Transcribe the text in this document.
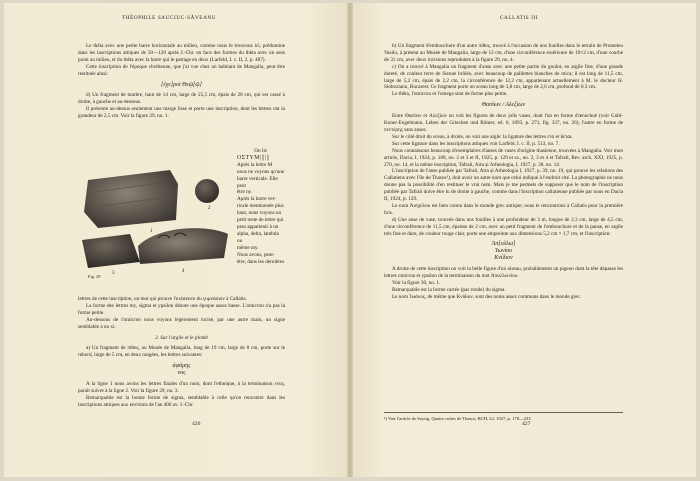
THÉOPHILE SAUCIUC-SĂVEANU

Le thêta avec une petite barre horizontale au milieu, comme nous le trouvons ici, prédomine dans les inscriptions attiques de 50—120 après J.-Chr. en face des formes du thêta avec un sens point au milieu, et du thêta avec la barre qui le partage en deux (Larfeld, I. c. II, 2, p. 487).

Cette inscription de l'époque chrétienne, que j'ai vue chez un habitant de Mangalia, peut être restituée ainsi:

[ἐχε]ροὶ Θεῷ[ῷ]

d) Un fragment de marbre, haut de 14 cm, large de 25,5 cm, épais de 28 cm, qui est cassé à droite, à gauche et au-dessous.

Il présente au-dessus seulement une marge lisse et porte une inscription, dont les lettres ont la grandeur de 2,5 cm. Voir la figure 29, no. 1.

On lit:

ΟΣΤΥΜ||||||

Après la lettre M

nous ne voyons qu'une

barre verticale. Elle peut

être ny.

Après la barre ver-

ticale mentionnée plus

haut, nous voyons un

petit reste de lettre qui

peut appartenir à un

alpha, delta, lambda ou

même my.

Nous avons, peut-

être, dans les dernières

1
2
3	4
Fig. 29

lettres de cette inscription, un mot qui prouve l'existence du γυμνάσιον à Callatis.

La forme des lettres my, sigma et ypsilon dénote une époque assez basse. L'omicron n'a pas la forme petite.

Au-dessous de l'omicron nous voyons légèrement incisé, par une autre main, un signe semblable à un xi.

2. Sur l'argile et le plomb

a) Un fragment de πίθος, au Musée de Mangalia, long de 19 cm, large de 8 cm, porte sur le rebord, large de 5 cm, en deux rangées, les lettres suivantes:

ἀφάμης

νος

A la ligne 1 nous avons les lettres finales d'un nom, dont l'ethnique, à la terminaison ενος, paraît suivre à la ligne 2. Voir la figure 29, no. 3.

Remarquable est la bonne forme de sigma, semblable à celle qu'on rencontre dans les inscriptions attiques aux environs de l'an 400 av. J.-Chr.

426
CALLATIS III

b) Un fragment d'embouchure d'un autre πίθος, trouvé à l'occasion de nos fouilles dans le terrain de Prometeu Vasilu, à présent au Musée de Mangalia, large de 12 cm, d'une circonférence extérieure de 19×2 cm, d'une courbe de 31 cm, avec deux incisions reproduites à la figure 29, no. 4.

c) On a trouvé à Mangalia un fragment d'anse avec une petite partie du goulot, en argile fine, d'une grande dureté, de couleur terre de Sienne brûlée, avec beaucoup de paillettes blanches de mica; il est long de 11,5 cm, large de 5,2 cm, épais de 2,2 cm, la circonférence de 12,2 cm, appartenant actuellement à M. le docteur H. Slobozianu, Bucarest. Ce fragment porte un sceau long de 3,8 cm, large de 2,6 cm, profond de 0,3 cm.

Le thêta, l'omicron et l'omega sont de forme plus petite.

Θασίων / Αλεξίων

Entre Θασίων et Αλεξίων on voit les figures de deux jolis vases, dont l'un en forme d'œnochoé (voir Guhl-Koner-Engelmann, Leben der Griechen und Römer, ed. 6, 1893, p. 271, fig. 337, no. 26), l'autre en forme de πεντέρης sans anses.

Sur le côté droit du sceau, à droite, on voit une aigle: la ligature des lettres ετα et δεται.

Sur cette ligature dans les inscriptions attiques voir Larfeld, I. c. II, p. 513, no. 7.

Nous connaissons beaucoup d'exemplaires d'anses de vases d'origine thasienne, trouvées à Mangalia. Voir mon article, Dacia, I, 1924, p. 188, no. 2 et 3 et II, 1925, p. 129 et ss., no. 2, 3 et 4 et Tafrali, Rev. arch. XXI, 1925, p. 270, no. 14, et la même inscription, Tafrali, Arta și Arheologia, I, 1927, p. 38, no. 14.

L'inscription de l'anse publiée par Tafrali, Arta și Arheologia I, 1927, p. 39, no. 19, qui prouve les relations des Callatiens avec l'île de Thasos¹), doit avoir un autre nom que celui indiqué à l'endroit cité. La photographie ne nous donne pas la possibilité d'en restituer le vrai nom. Mais je me permets de supposer que le nom de l'inscription publiée par Tafrali doive être lu de droite à gauche, comme dans l'inscription callatienne publiée par nous en Dacia II, 1924, p. 129.

Le nom Ἀισχύλου est bien connu dans le monde grec antique; nous le rencontrons à Callatis pour la première fois.

d) Une anse de vase, trouvée dans nos fouilles à une profondeur de 3 m, longue de 2,3 cm, large de 4,5 cm, d'une circonférence de 11,5 cm, épaisse de 2 cm, avec un petit fragment de l'embouchure et de la panse, en argile très fine et dure, de couleur rouge clair, porte une empreinte aux dimensions 5,2 cm × 1,7 cm, et l'inscription:

Ἀπ[ολλω]

Ἰωνίου

Κνίδιον

A droite de cette inscription on voit la belle figure d'un oiseau, probablement un pigeon dont la tête dépasse les lettres omicron et ypsilon de la terminaison du mot Ἀπολλωνίου.

Voir la figure 30, no. 1.

Remarquable est la forme carrée (pas ronde) du sigma.

Le nom Ἰωάνος, de même que Κνίδιον, sont des noms assez communs dans le monde grec.

¹) Voir l'article de Seyrig, Quatre cultes de Thasos, BCH, LI, 1927, p. 178—233.
427
